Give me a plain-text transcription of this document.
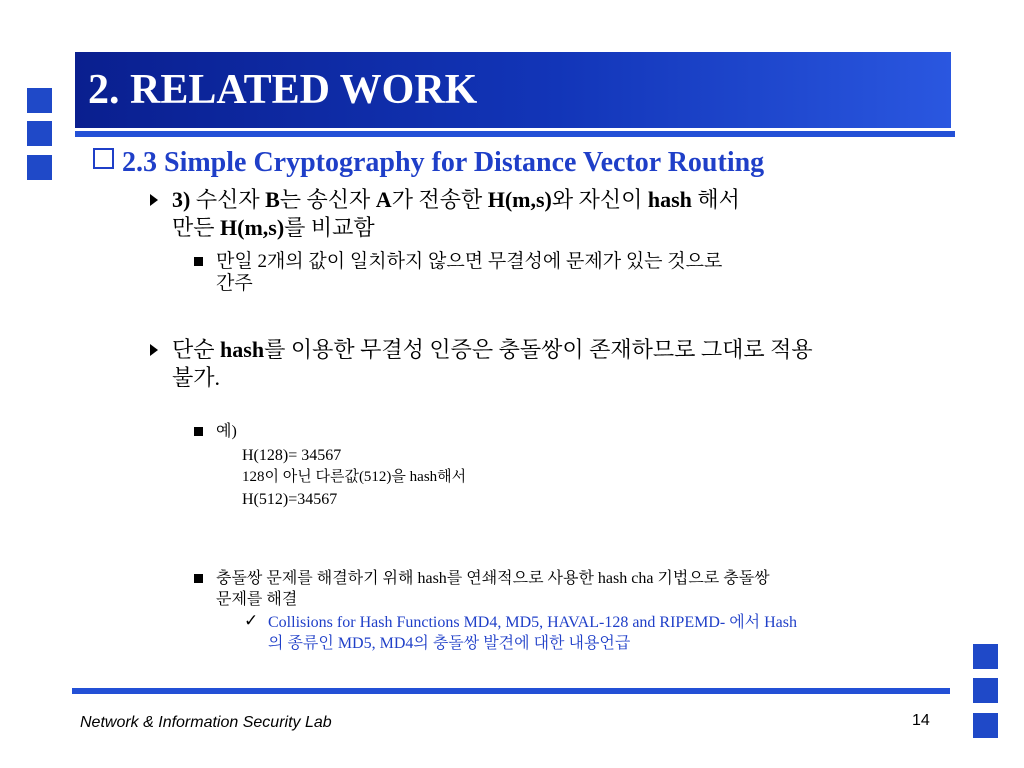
2. RELATED WORK
2.3 Simple Cryptography for Distance Vector Routing
3) 수신자 B는 송신자 A가 전송한 H(m,s)와 자신이 hash 해서
만든 H(m,s)를 비교함
만일 2개의 값이 일치하지 않으면 무결성에 문제가 있는 것으로
간주
단순 hash를 이용한 무결성 인증은 충돌쌍이 존재하므로 그대로 적용
불가.
예)
H(128)= 34567
128이 아닌 다른값(512)을 hash해서
H(512)=34567
충돌쌍 문제를 해결하기 위해 hash를 연쇄적으로 사용한 hash cha 기법으로 충돌쌍
문제를 해결
✓ Collisions for Hash Functions MD4, MD5, HAVAL-128 and RIPEMD- 에서 Hash
의 종류인 MD5, MD4의 충돌쌍 발견에 대한 내용언급
Network & Information Security Lab	14
